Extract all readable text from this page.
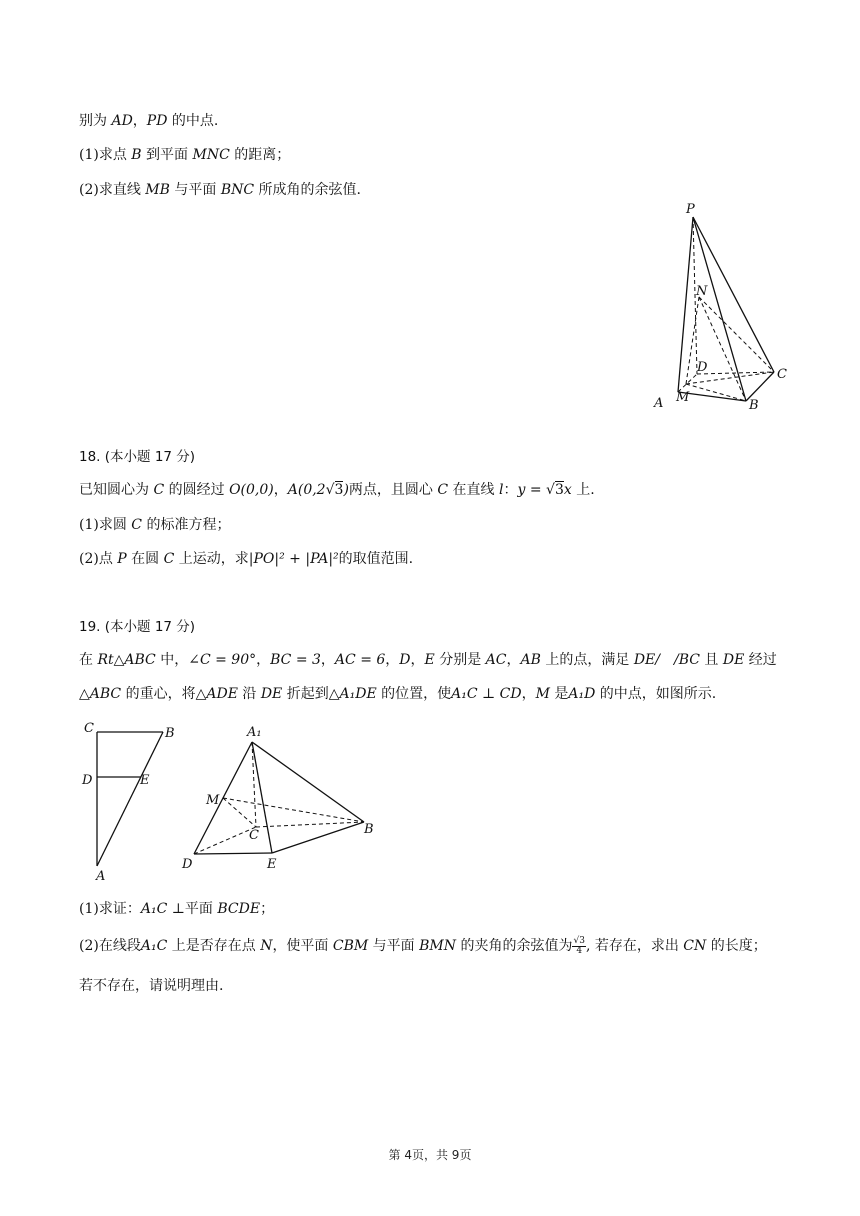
别为 AD，PD 的中点.
(1)求点 B 到平面 MNC 的距离；
(2)求直线 MB 与平面 BNC 所成角的余弦值.
P
N
D	C
A M
B
18. (本小题 17 分)
已知圆心为 C 的圆经过 O(0,0)，A(0,2√3)两点，且圆心 C 在直线 l：y = √3x 上.
(1)求圆 C 的标准方程；
(2)点 P 在圆 C 上运动，求|PO|² + |PA|²的取值范围.
19. (本小题 17 分)
在 Rt△ABC 中，∠C = 90°，BC = 3，AC = 6，D，E 分别是 AC，AB 上的点，满足 DE/　/BC 且 DE 经过
△ABC 的重心，将△ADE 沿 DE 折起到△A₁DE 的位置，使A₁C ⊥ CD，M 是A₁D 的中点，如图所示.
C	B
D	E
A
A₁
M
C	B
D	E
(1)求证：A₁C ⊥平面 BCDE；
(2)在线段A₁C 上是否存在点 N，使平面 CBM 与平面 BMN 的夹角的余弦值为 $\frac{√3}{4}$ , 若存在，求出 CN 的长度；
若不存在，请说明理由.
第 4页，共 9页
